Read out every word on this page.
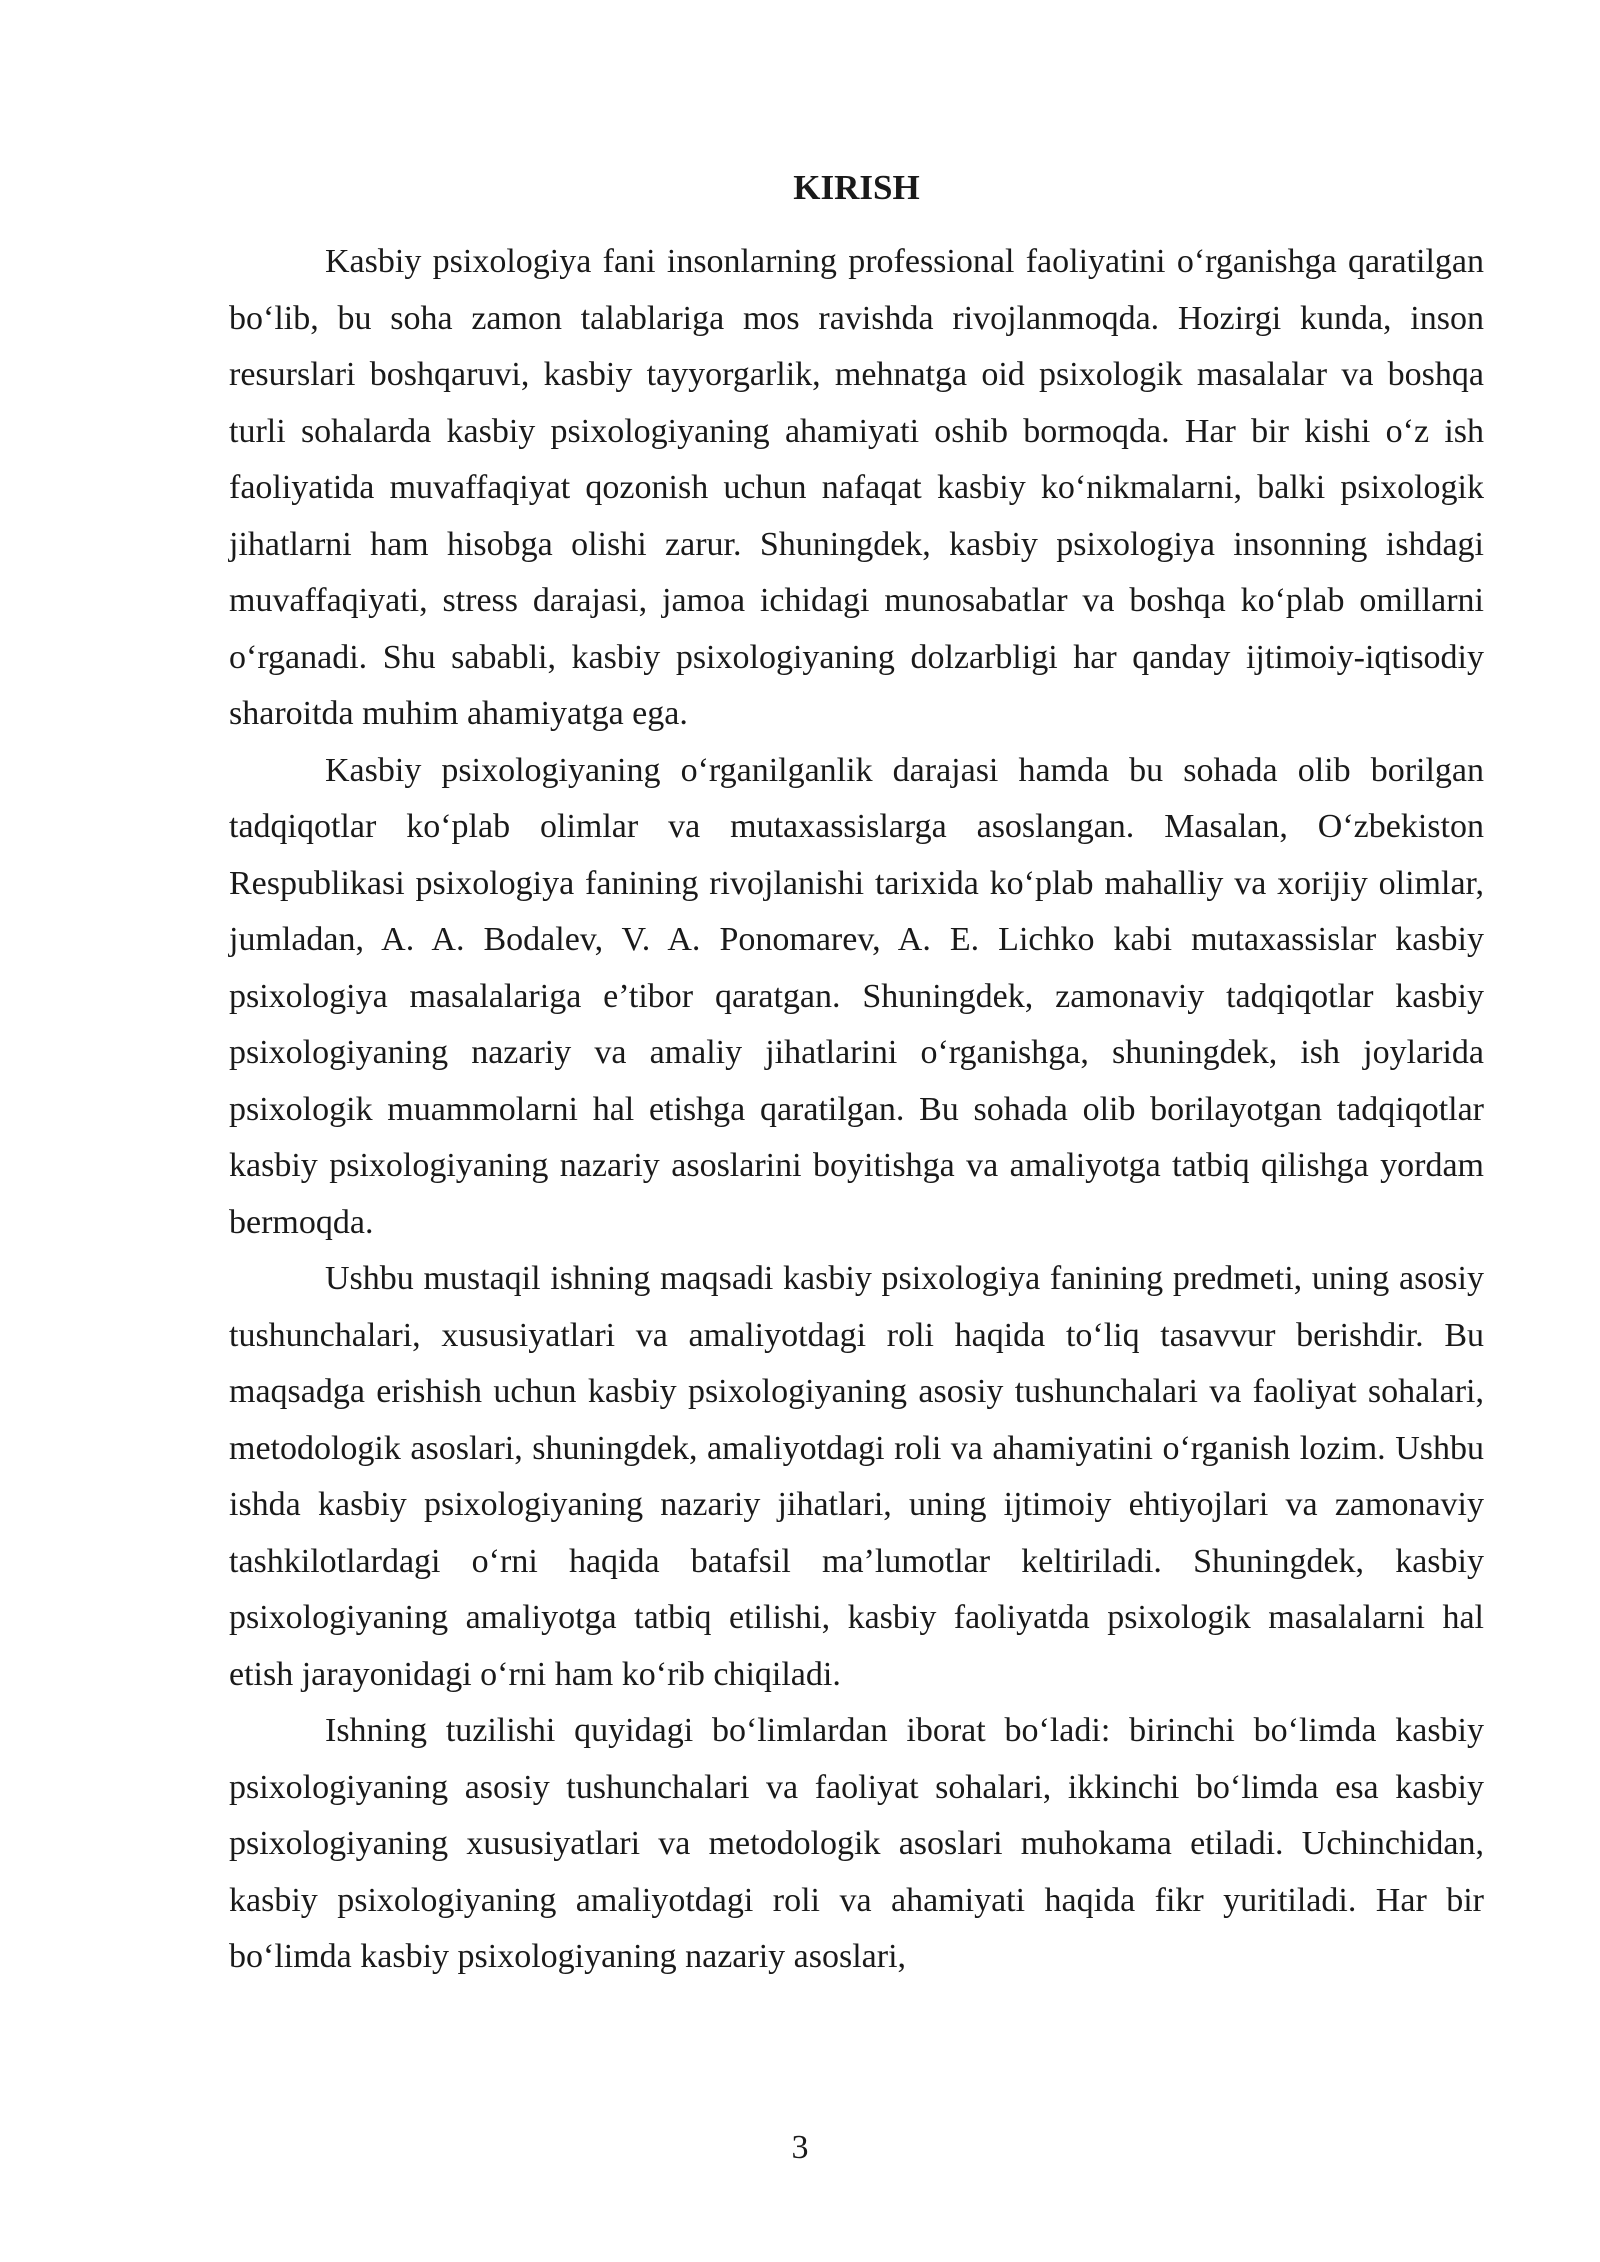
KIRISH

Kasbiy psixologiya fani insonlarning professional faoliyatini o‘rganishga qaratilgan bo‘lib, bu soha zamon talablariga mos ravishda rivojlanmoqda. Hozirgi kunda, inson resurslari boshqaruvi, kasbiy tayyorgarlik, mehnatga oid psixologik masalalar va boshqa turli sohalarda kasbiy psixologiyaning ahamiyati oshib bormoqda. Har bir kishi o‘z ish faoliyatida muvaffaqiyat qozonish uchun nafaqat kasbiy ko‘nikmalarni, balki psixologik jihatlarni ham hisobga olishi zarur. Shuningdek, kasbiy psixologiya insonning ishdagi muvaffaqiyati, stress darajasi, jamoa ichidagi munosabatlar va boshqa ko‘plab omillarni o‘rganadi. Shu sababli, kasbiy psixologiyaning dolzarbligi har qanday ijtimoiy-iqtisodiy sharoitda muhim ahamiyatga ega.

Kasbiy psixologiyaning o‘rganilganlik darajasi hamda bu sohada olib borilgan tadqiqotlar ko‘plab olimlar va mutaxassislarga asoslangan. Masalan, O‘zbekiston Respublikasi psixologiya fanining rivojlanishi tarixida ko‘plab mahalliy va xorijiy olimlar, jumladan, A. A. Bodalev, V. A. Ponomarev, A. E. Lichko kabi mutaxassislar kasbiy psixologiya masalalariga e’tibor qaratgan. Shuningdek, zamonaviy tadqiqotlar kasbiy psixologiyaning nazariy va amaliy jihatlarini o‘rganishga, shuningdek, ish joylarida psixologik muammolarni hal etishga qaratilgan. Bu sohada olib borilayotgan tadqiqotlar kasbiy psixologiyaning nazariy asoslarini boyitishga va amaliyotga tatbiq qilishga yordam bermoqda.

Ushbu mustaqil ishning maqsadi kasbiy psixologiya fanining predmeti, uning asosiy tushunchalari, xususiyatlari va amaliyotdagi roli haqida to‘liq tasavvur berishdir. Bu maqsadga erishish uchun kasbiy psixologiyaning asosiy tushunchalari va faoliyat sohalari, metodologik asoslari, shuningdek, amaliyotdagi roli va ahamiyatini o‘rganish lozim. Ushbu ishda kasbiy psixologiyaning nazariy jihatlari, uning ijtimoiy ehtiyojlari va zamonaviy tashkilotlardagi o‘rni haqida batafsil ma’lumotlar keltiriladi. Shuningdek, kasbiy psixologiyaning amaliyotga tatbiq etilishi, kasbiy faoliyatda psixologik masalalarni hal etish jarayonidagi o‘rni ham ko‘rib chiqiladi.

Ishning tuzilishi quyidagi bo‘limlardan iborat bo‘ladi: birinchi bo‘limda kasbiy psixologiyaning asosiy tushunchalari va faoliyat sohalari, ikkinchi bo‘limda esa kasbiy psixologiyaning xususiyatlari va metodologik asoslari muhokama etiladi. Uchinchidan, kasbiy psixologiyaning amaliyotdagi roli va ahamiyati haqida fikr yuritiladi. Har bir bo‘limda kasbiy psixologiyaning nazariy asoslari,

3
